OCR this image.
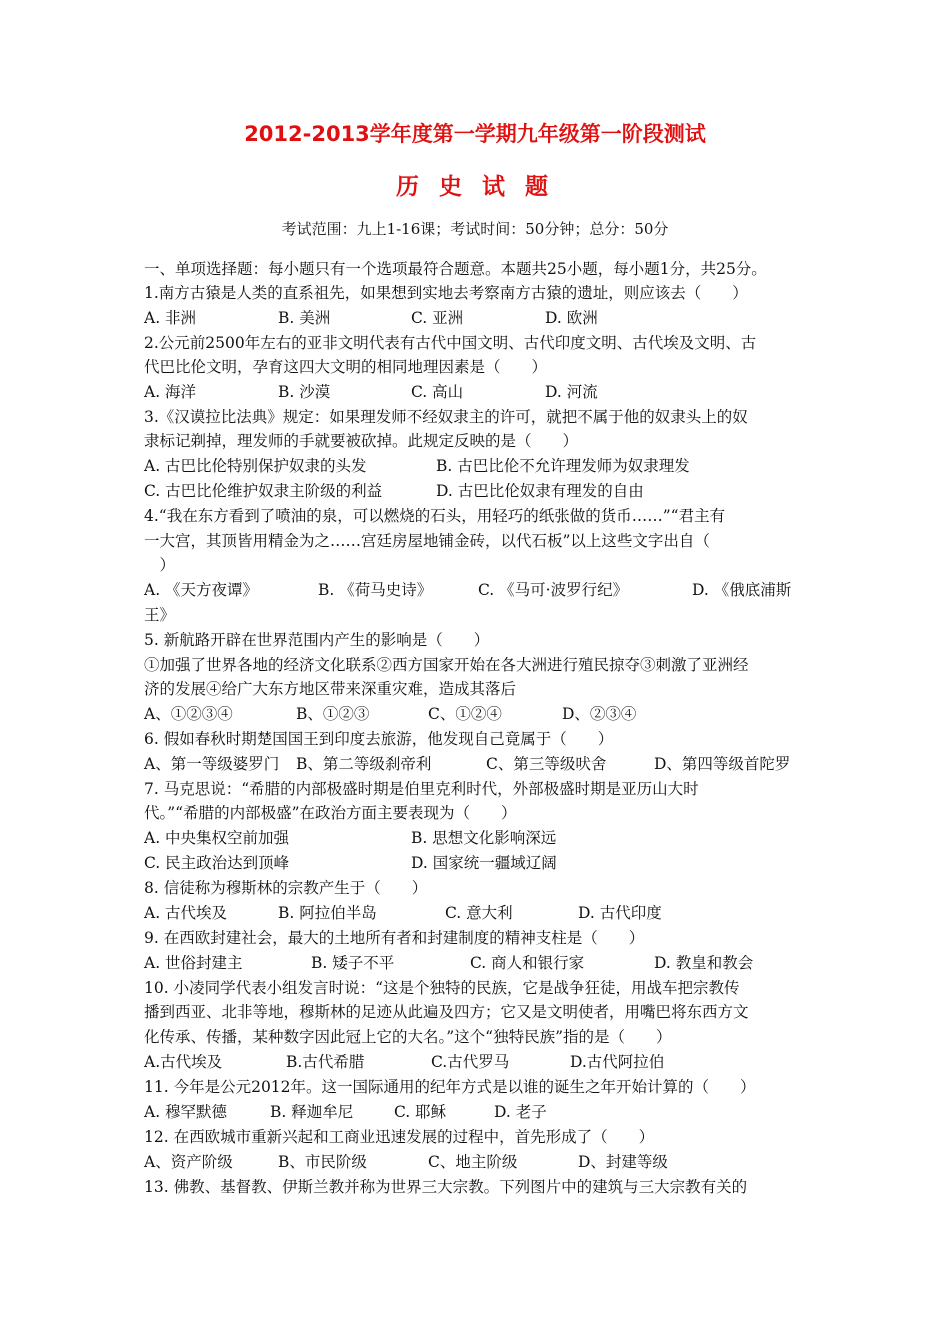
2012-2013学年度第一学期九年级第一阶段测试
历 史 试 题
考试范围：九上1-16课；考试时间：50分钟；总分：50分
一、单项选择题：每小题只有一个选项最符合题意。本题共25小题，每小题1分，共25分。
1.南方古猿是人类的直系祖先，如果想到实地去考察南方古猿的遗址，则应该去（　　）
A. 非洲	B. 美洲	C. 亚洲	D. 欧洲
2.公元前2500年左右的亚非文明代表有古代中国文明、古代印度文明、古代埃及文明、古
代巴比伦文明，孕育这四大文明的相同地理因素是（　　）
A. 海洋	B. 沙漠	C. 高山	D. 河流
3.《汉谟拉比法典》规定：如果理发师不经奴隶主的许可，就把不属于他的奴隶头上的奴
隶标记剃掉，理发师的手就要被砍掉。此规定反映的是（　　）
A. 古巴比伦特别保护奴隶的头发	B. 古巴比伦不允许理发师为奴隶理发
C. 古巴比伦维护奴隶主阶级的利益	D. 古巴比伦奴隶有理发的自由
4.“我在东方看到了喷油的泉，可以燃烧的石头，用轻巧的纸张做的货币……”“君主有
一大宫，其顶皆用精金为之……宫廷房屋地铺金砖，以代石板”以上这些文字出自（
　）
A. 《天方夜谭》	B. 《荷马史诗》	C. 《马可·波罗行纪》	D. 《俄底浦斯
王》
5. 新航路开辟在世界范围内产生的影响是（　　）
①加强了世界各地的经济文化联系②西方国家开始在各大洲进行殖民掠夺③刺激了亚洲经
济的发展④给广大东方地区带来深重灾难，造成其落后
A、①②③④	B、①②③	C、①②④	D、②③④
6. 假如春秋时期楚国国王到印度去旅游，他发现自己竟属于（　　）
A、第一等级婆罗门 B、第二等级刹帝利	C、第三等级吠舍	D、第四等级首陀罗
7. 马克思说：“希腊的内部极盛时期是伯里克利时代，外部极盛时期是亚历山大时
代。”“希腊的内部极盛”在政治方面主要表现为（　　）
A. 中央集权空前加强	B. 思想文化影响深远
C. 民主政治达到顶峰	D. 国家统一疆域辽阔
8. 信徒称为穆斯林的宗教产生于（　　）
A. 古代埃及	B. 阿拉伯半岛	C. 意大利	D. 古代印度
9. 在西欧封建社会，最大的土地所有者和封建制度的精神支柱是（　　）
A. 世俗封建主	B. 矮子不平	C. 商人和银行家	D. 教皇和教会
10. 小凌同学代表小组发言时说：“这是个独特的民族，它是战争狂徒，用战车把宗教传
播到西亚、北非等地，穆斯林的足迹从此遍及四方；它又是文明使者，用嘴巴将东西方文
化传承、传播，某种数字因此冠上它的大名。”这个“独特民族”指的是（　　）
A.古代埃及	B.古代希腊	C.古代罗马	D.古代阿拉伯
11. 今年是公元2012年。这一国际通用的纪年方式是以谁的诞生之年开始计算的（　　）
A. 穆罕默德	B. 释迦牟尼	C. 耶稣	D. 老子
12. 在西欧城市重新兴起和工商业迅速发展的过程中，首先形成了（　　）
A、资产阶级	B、市民阶级	C、地主阶级	D、封建等级
13. 佛教、基督教、伊斯兰教并称为世界三大宗教。下列图片中的建筑与三大宗教有关的
